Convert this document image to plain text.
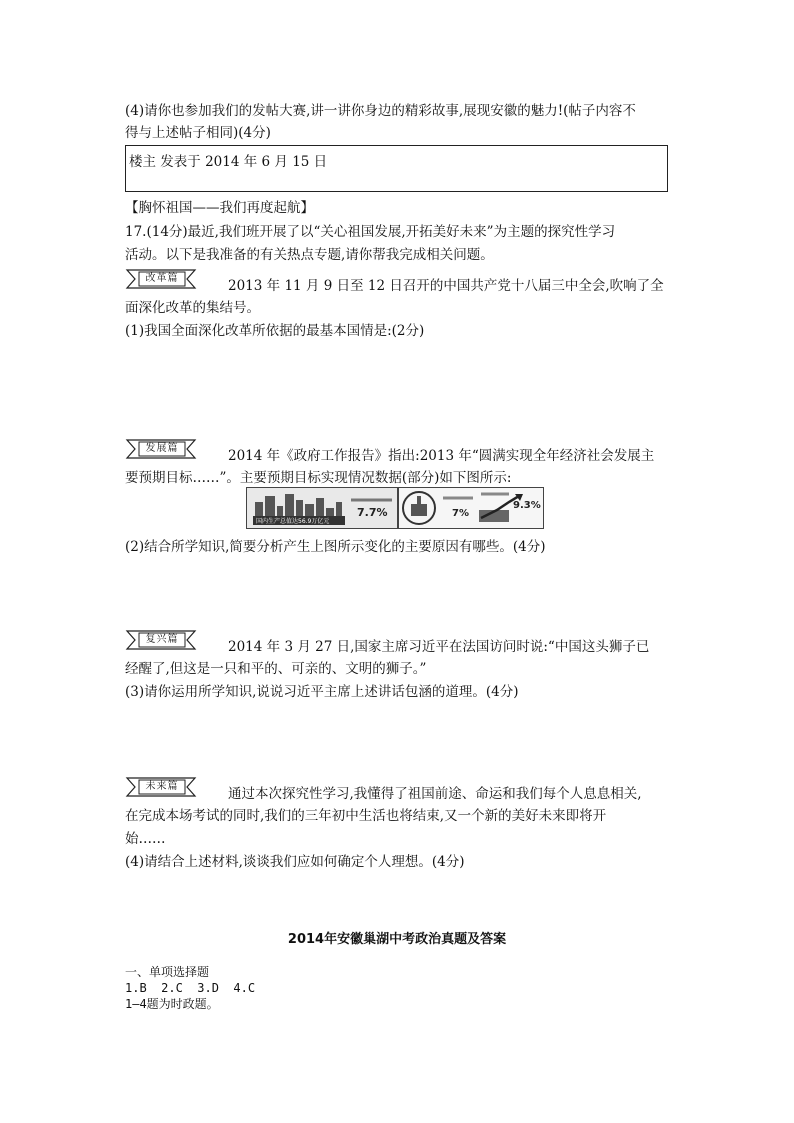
(4)请你也参加我们的发帖大赛,讲一讲你身边的精彩故事,展现安徽的魅力!(帖子内容不
得与上述帖子相同)(4分)
楼主 发表于 2014 年 6 月 15 日
【胸怀祖国——我们再度起航】
17.(14分)最近,我们班开展了以“关心祖国发展,开拓美好未来”为主题的探究性学习
活动。以下是我准备的有关热点专题,请你帮我完成相关问题。
改革篇	2013 年 11 月 9 日至 12 日召开的中国共产党十八届三中全会,吹响了全
面深化改革的集结号。
(1)我国全面深化改革所依据的最基本国情是:(2分)
发展篇	2014 年《政府工作报告》指出:2013 年“圆满实现全年经济社会发展主
要预期目标……”。主要预期目标实现情况数据(部分)如下图所示:
国内生产总值达56.9万亿元
7.7%	7%
9.3%
(2)结合所学知识,简要分析产生上图所示变化的主要原因有哪些。(4分)
复兴篇	2014 年 3 月 27 日,国家主席习近平在法国访问时说:“中国这头狮子已
经醒了,但这是一只和平的、可亲的、文明的狮子。”
(3)请你运用所学知识,说说习近平主席上述讲话包涵的道理。(4分)
未来篇	通过本次探究性学习,我懂得了祖国前途、命运和我们每个人息息相关,
在完成本场考试的同时,我们的三年初中生活也将结束,又一个新的美好未来即将开
始……
(4)请结合上述材料,谈谈我们应如何确定个人理想。(4分)
2014年安徽巢湖中考政治真题及答案
一、单项选择题
1.B  2.C  3.D  4.C
1—4题为时政题。
